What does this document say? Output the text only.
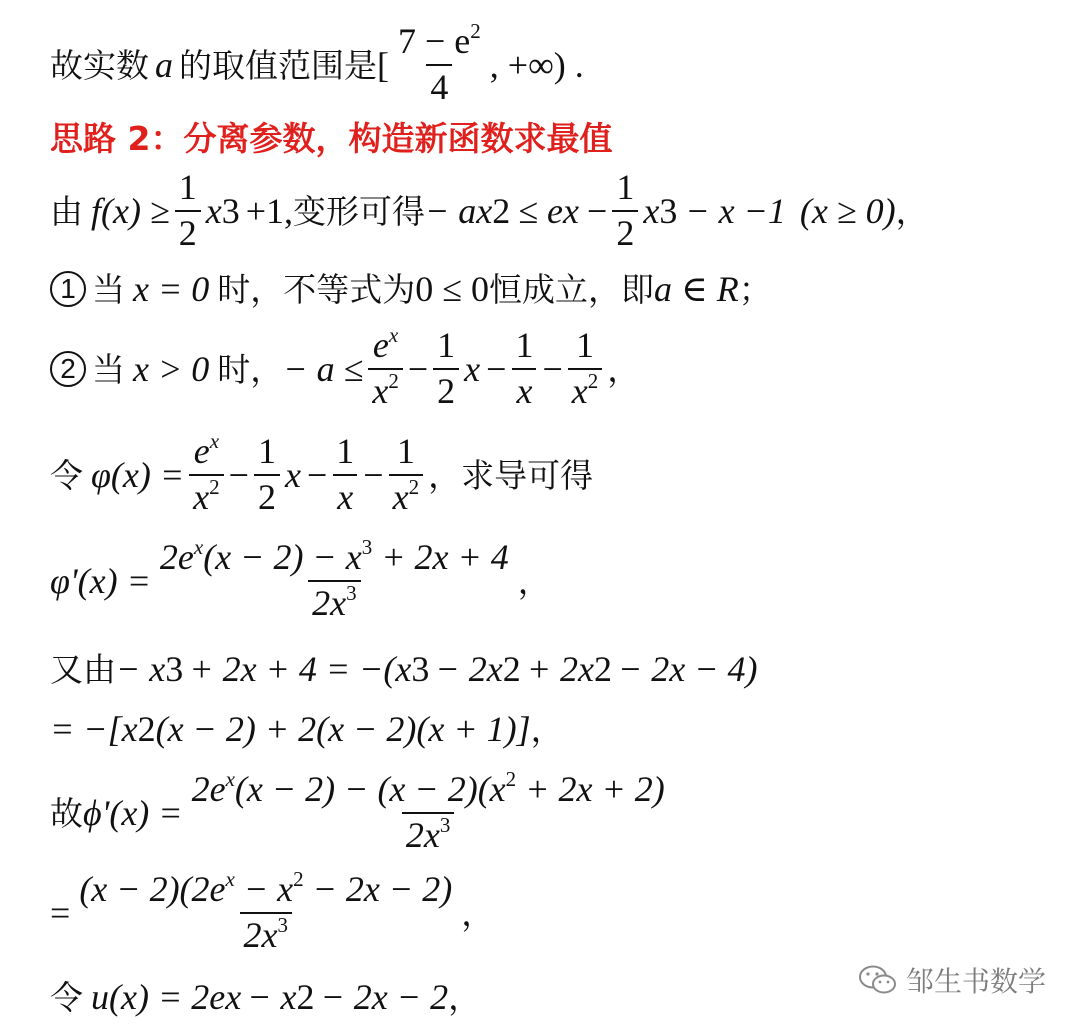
故实数 a 的取值范围是 [ $\frac{7 - e^2}{4}$ , +∞) .
思路 2：分离参数，构造新函数求最值
由 $f(x) \ge \frac{1}{2}$ x 3 +1, 变形可得 − ax 2 ≤ e $x - \frac{1}{2}$ x 3 − x −1 (x ≥ 0) ，
1 当 x = 0 时，不等式为 0 ≤ 0 恒成立，即 a ∈ R ；
2 当 x > 0 时， − $a \le \frac{e^x}{x^2} - \frac{1}{2}$ $x - \frac{1}{x} - \frac{1}{x^2}$ ，
令 $\varphi(x) = \frac{e^x}{x^2} - \frac{1}{2}$ $x - \frac{1}{x} - \frac{1}{x^2}$ ，求导可得
$\varphi'(x) = \frac{2e^x(x - 2) - x^3 + 2x + 4}{2x^3}$ ，
又由 − x 3 + 2x + 4 = −(x 3 − 2x 2 + 2x 2 − 2x − 4)
= −[x 2 (x − 2) + 2(x − 2)(x + 1)] ，
故 $\phi'(x) = \frac{2e^x(x - 2) - (x - 2)(x^2 + 2x + 2)}{2x^3}$
= $\frac{(x - 2)(2e^x - x^2 - 2x - 2)}{2x^3}$ ，
令 u(x) = 2e x − x 2 − 2x − 2 ，	邹生书数学
